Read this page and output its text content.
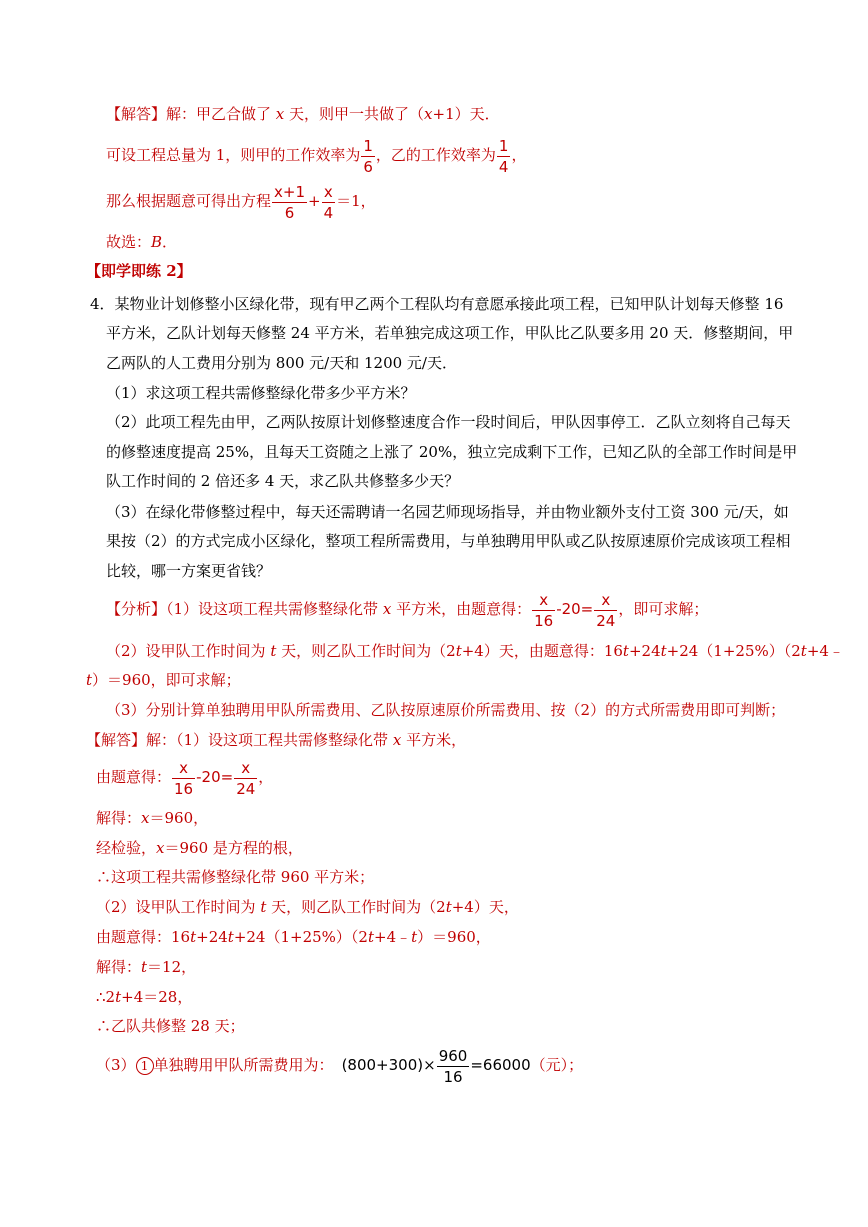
【解答】解：甲乙合做了 x 天，则甲一共做了（x+1）天．
可设工程总量为 1，则甲的工作效率为 $\frac{1}{6}$ ，乙的工作效率为 $\frac{1}{4}$ ，
那么根据题意可得出方程 $\frac{x+1}{6} + \frac{x}{4} =1$，
故选：B．
【即学即练 2】
4．某物业计划修整小区绿化带，现有甲乙两个工程队均有意愿承接此项工程，已知甲队计划每天修整 16
平方米，乙队计划每天修整 24 平方米，若单独完成这项工作，甲队比乙队要多用 20 天．修整期间，甲
乙两队的人工费用分别为 800 元/天和 1200 元/天．
（1）求这项工程共需修整绿化带多少平方米？
（2）此项工程先由甲，乙两队按原计划修整速度合作一段时间后，甲队因事停工．乙队立刻将自己每天
的修整速度提高 25%，且每天工资随之上涨了 20%，独立完成剩下工作，已知乙队的全部工作时间是甲
队工作时间的 2 倍还多 4 天，求乙队共修整多少天？
（3）在绿化带修整过程中，每天还需聘请一名园艺师现场指导，并由物业额外支付工资 300 元/天，如
果按（2）的方式完成小区绿化，整项工程所需费用，与单独聘用甲队或乙队按原速原价完成该项工程相
比较，哪一方案更省钱？
【分析】（1）设这项工程共需修整绿化带 x 平方米，由题意得： $\frac{x}{16} -20= \frac{x}{24}$ ，即可求解；
（2）设甲队工作时间为 t 天，则乙队工作时间为（2t+4）天，由题意得：16t+24t+24（1+25%）（2t+4﹣
t）＝960，即可求解；
（3）分别计算单独聘用甲队所需费用、乙队按原速原价所需费用、按（2）的方式所需费用即可判断；
【解答】解：（1）设这项工程共需修整绿化带 x 平方米，
由题意得： $\frac{x}{16} -20= \frac{x}{24}$ ，
解得：x＝960，
经检验，x＝960 是方程的根，
∴这项工程共需修整绿化带 960 平方米；
（2）设甲队工作时间为 t 天，则乙队工作时间为（2t+4）天，
由题意得：16t+24t+24（1+25%）（2t+4﹣t）＝960，
解得：t＝12，
∴2t+4＝28，
∴乙队共修整 28 天；
（3） 1 单独聘用甲队所需费用为： $(800+300)\times \frac{960}{16} =66000$（元）；
